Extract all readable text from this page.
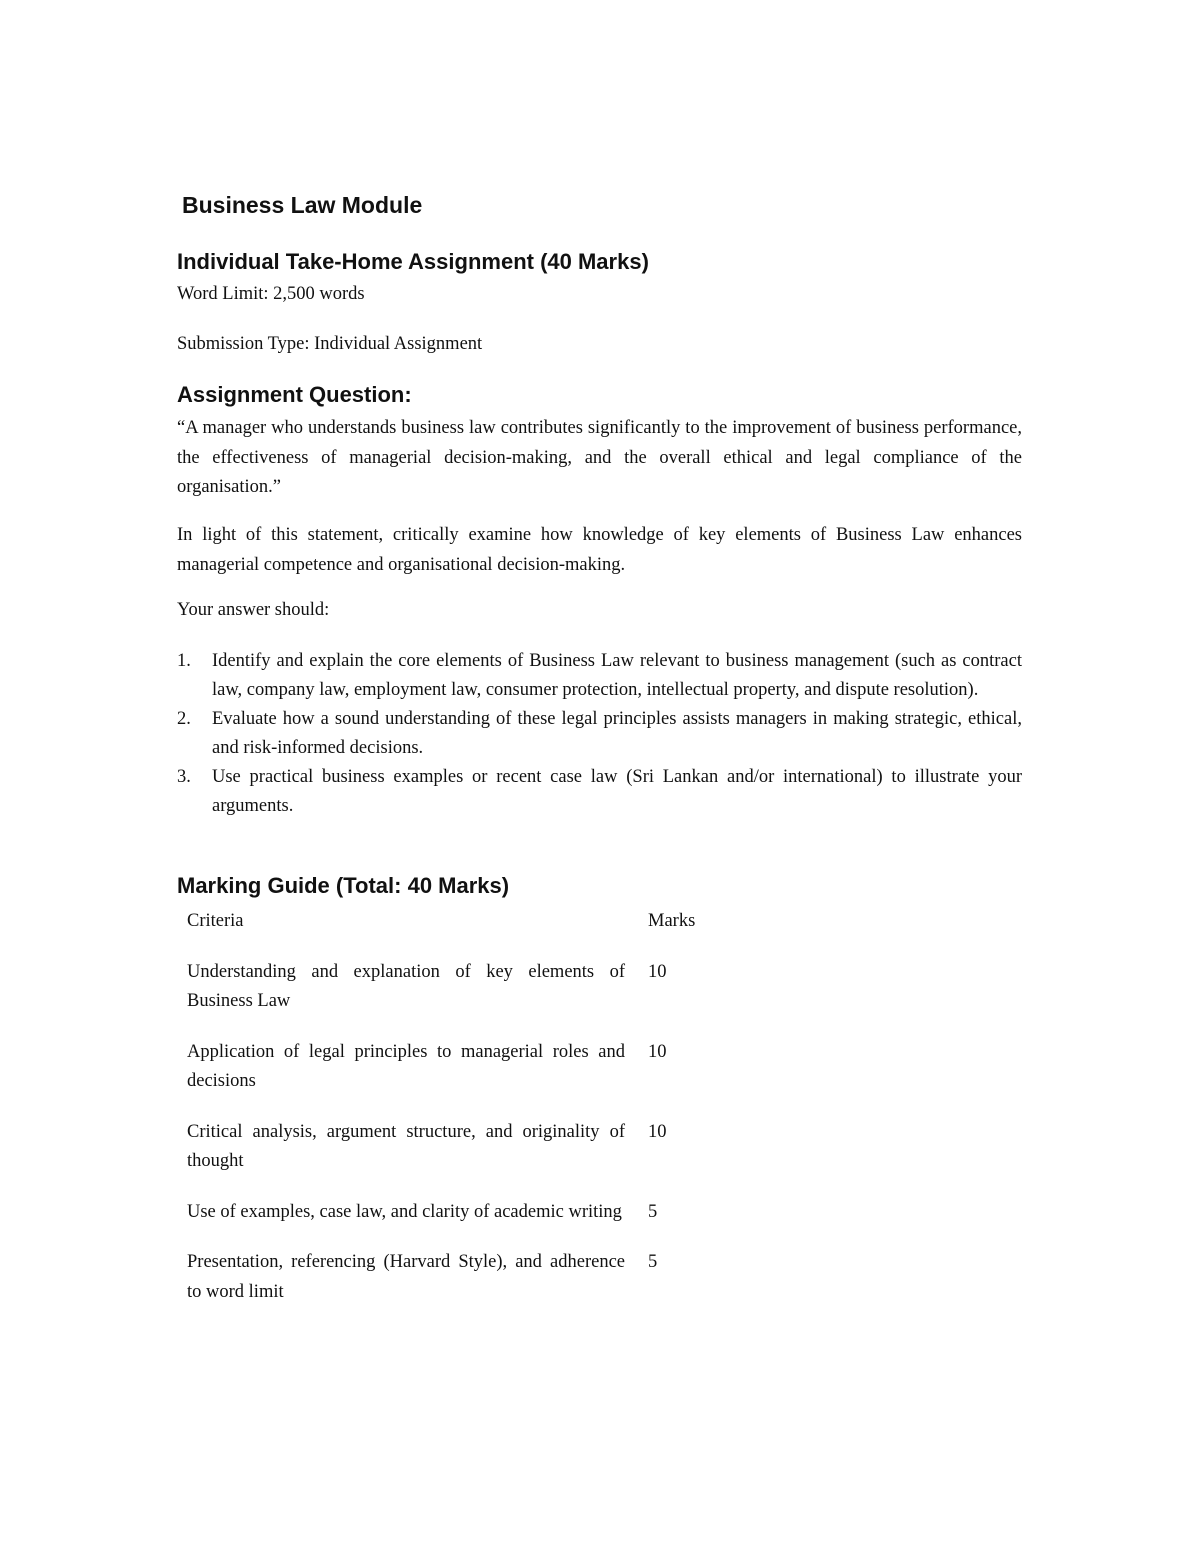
Business Law Module
Individual Take-Home Assignment (40 Marks)
Word Limit: 2,500 words
Submission Type: Individual Assignment
Assignment Question:

“A manager who understands business law contributes significantly to the improvement of business performance, the effectiveness of managerial decision-making, and the overall ethical and legal compliance of the organisation.”

In light of this statement, critically examine how knowledge of key elements of Business Law enhances managerial competence and organisational decision-making.

Your answer should:
1. Identify and explain the core elements of Business Law relevant to business management (such as contract law, company law, employment law, consumer protection, intellectual property, and dispute resolution).
2. Evaluate how a sound understanding of these legal principles assists managers in making strategic, ethical, and risk-informed decisions.
3. Use practical business examples or recent case law (Sri Lankan and/or international) to illustrate your arguments.
Marking Guide (Total: 40 Marks)
Criteria	Marks
Understanding and explanation of key elements of Business Law	10
Application of legal principles to managerial roles and decisions	10
Critical analysis, argument structure, and originality of thought	10
Use of examples, case law, and clarity of academic writing	5
Presentation, referencing (Harvard Style), and adherence to word limit	5
